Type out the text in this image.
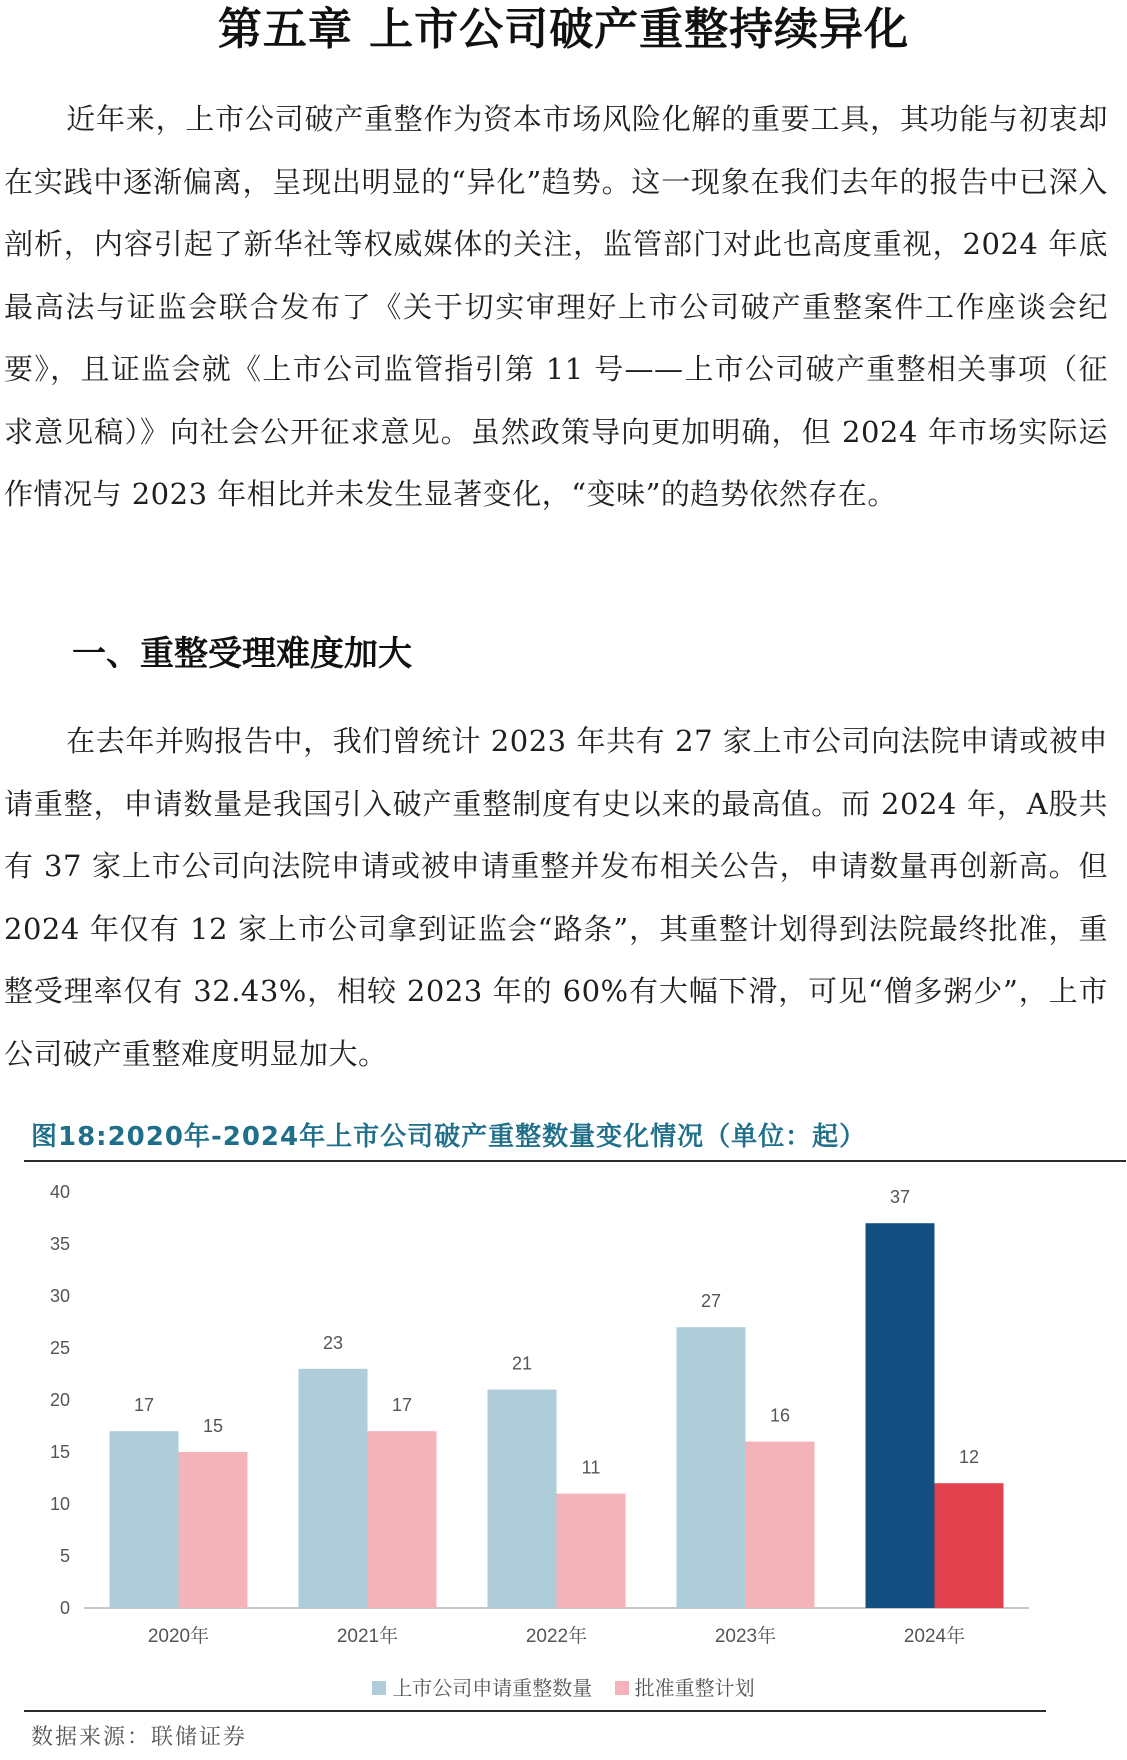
第五章 上市公司破产重整持续异化

近年来，上市公司破产重整作为资本市场风险化解的重要工具，其功能与初衷却在实践中逐渐偏离，呈现出明显的“异化”趋势。这一现象在我们去年的报告中已深入剖析，内容引起了新华社等权威媒体的关注，监管部门对此也高度重视，2024 年底最高法与证监会联合发布了《关于切实审理好上市公司破产重整案件工作座谈会纪要》，且证监会就《上市公司监管指引第 11 号——上市公司破产重整相关事项（征求意见稿）》向社会公开征求意见。虽然政策导向更加明确，但 2024 年市场实际运作情况与 2023 年相比并未发生显著变化，“变味”的趋势依然存在。

一、重整受理难度加大

在去年并购报告中，我们曾统计 2023 年共有 27 家上市公司向法院申请或被申请重整，申请数量是我国引入破产重整制度有史以来的最高值。而 2024 年，A股共有 37 家上市公司向法院申请或被申请重整并发布相关公告，申请数量再创新高。但 2024 年仅有 12 家上市公司拿到证监会“路条”，其重整计划得到法院最终批准，重整受理率仅有 32.43%，相较 2023 年的 60%有大幅下滑，可见“僧多粥少”，上市公司破产重整难度明显加大。

图18:2020年-2024年上市公司破产重整数量变化情况（单位：起）
0
5
10
15
20
25
30
35
40
17
15
2020年
23
17
2021年
21
11
2022年
27
16
2023年
37
12
2024年
上市公司申请重整数量
批准重整计划
数据来源：联储证券
